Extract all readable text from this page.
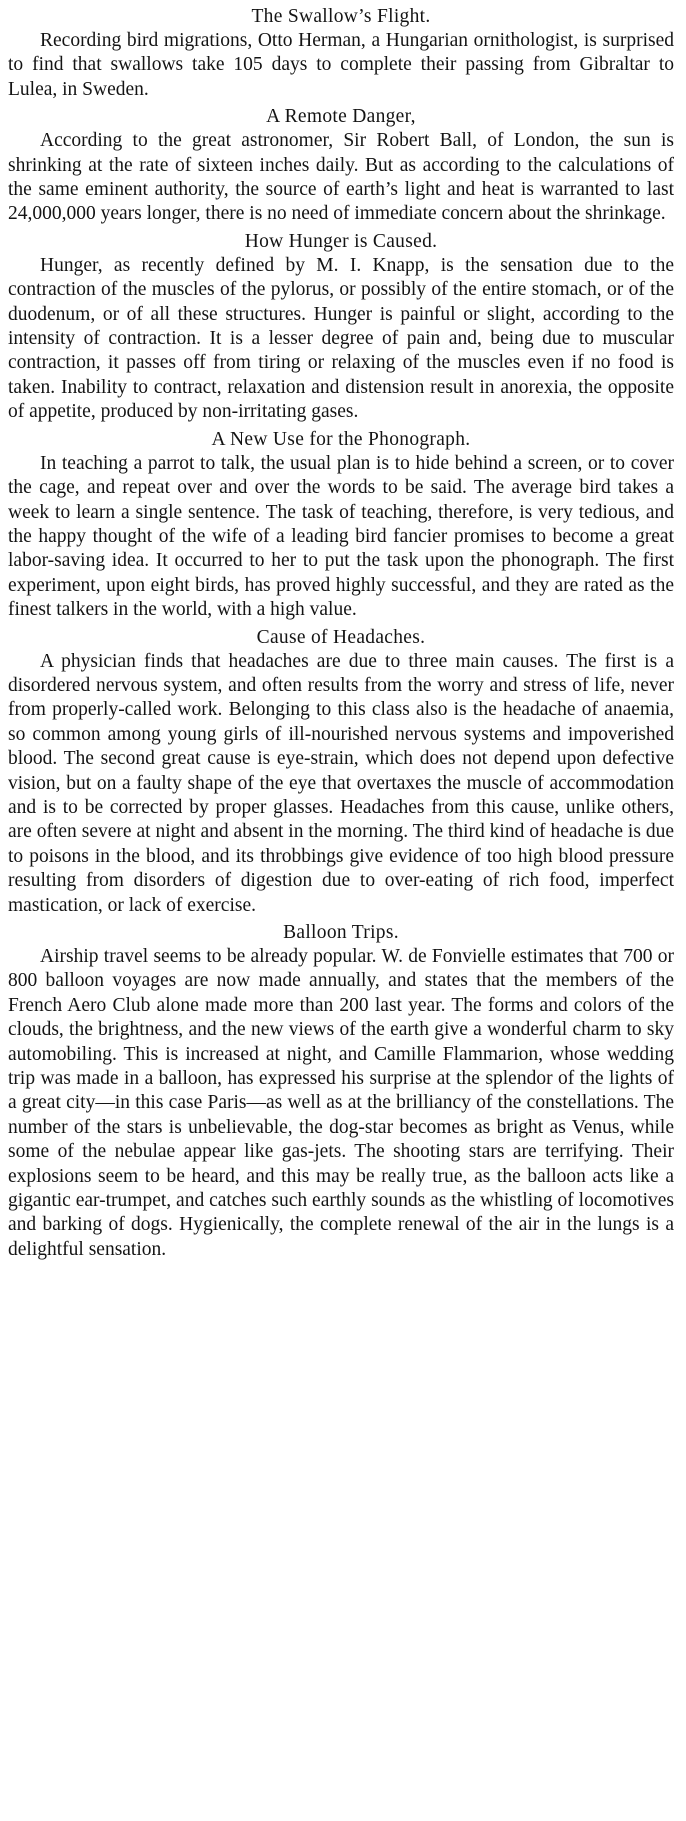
The Swallow’s Flight.

Recording bird migrations, Otto Herman, a Hungarian ornithologist, is surprised to find that swallows take 105 days to complete their passing from Gibraltar to Lulea, in Sweden.

A Remote Danger,

According to the great astronomer, Sir Robert Ball, of London, the sun is shrinking at the rate of sixteen inches daily. But as according to the calculations of the same eminent authority, the source of earth’s light and heat is warranted to last 24,000,000 years longer, there is no need of immediate concern about the shrinkage.

How Hunger is Caused.

Hunger, as recently defined by M. I. Knapp, is the sensation due to the contraction of the muscles of the pylorus, or possibly of the entire stomach, or of the duodenum, or of all these structures. Hunger is painful or slight, according to the intensity of contraction. It is a lesser degree of pain and, being due to muscular contraction, it passes off from tiring or relaxing of the muscles even if no food is taken. Inability to contract, relaxation and distension result in anorexia, the opposite of appetite, produced by non-irritating gases.

A New Use for the Phonograph.

In teaching a parrot to talk, the usual plan is to hide behind a screen, or to cover the cage, and repeat over and over the words to be said. The average bird takes a week to learn a single sentence. The task of teaching, therefore, is very tedious, and the happy thought of the wife of a leading bird fancier promises to become a great labor-saving idea. It occurred to her to put the task upon the phonograph. The first experiment, upon eight birds, has proved highly successful, and they are rated as the finest talkers in the world, with a high value.

Cause of Headaches.

A physician finds that headaches are due to three main causes. The first is a disordered nervous system, and often results from the worry and stress of life, never from properly-called work. Belonging to this class also is the headache of anaemia, so common among young girls of ill-nourished nervous systems and impoverished blood. The second great cause is eye-strain, which does not depend upon defective vision, but on a faulty shape of the eye that overtaxes the muscle of accommodation and is to be corrected by proper glasses. Headaches from this cause, unlike others, are often severe at night and absent in the morning. The third kind of headache is due to poisons in the blood, and its throbbings give evidence of too high blood pressure resulting from disorders of digestion due to over-eating of rich food, imperfect mastication, or lack of exercise.

Balloon Trips.

Airship travel seems to be already popular. W. de Fonvielle estimates that 700 or 800 balloon voyages are now made annually, and states that the members of the French Aero Club alone made more than 200 last year. The forms and colors of the clouds, the brightness, and the new views of the earth give a wonderful charm to sky automobiling. This is increased at night, and Camille Flammarion, whose wedding trip was made in a balloon, has expressed his surprise at the splendor of the lights of a great city—in this case Paris—as well as at the brilliancy of the constellations. The number of the stars is unbelievable, the dog-star becomes as bright as Venus, while some of the nebulae appear like gas-jets. The shooting stars are terrifying. Their explosions seem to be heard, and this may be really true, as the balloon acts like a gigantic ear-trumpet, and catches such earthly sounds as the whistling of locomotives and barking of dogs. Hygienically, the complete renewal of the air in the lungs is a delightful sensation.
